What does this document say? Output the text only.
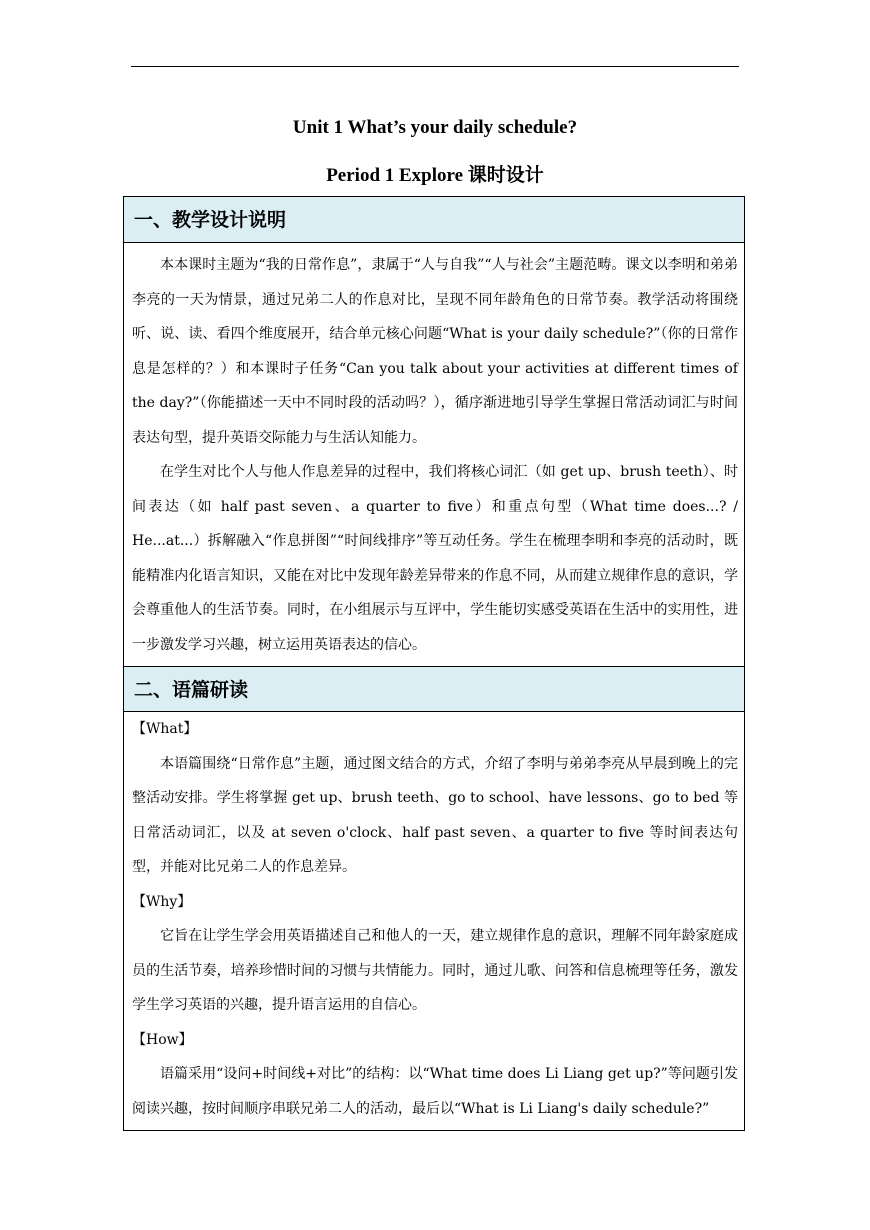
Unit 1 What’s your daily schedule?
Period 1 Explore 课时设计
一、教学设计说明

本本课时主题为“我的日常作息”，隶属于“人与自我”“人与社会”主题范畴。课文以李明和弟弟李亮的一天为情景，通过兄弟二人的作息对比，呈现不同年龄角色的日常节奏。教学活动将围绕听、说、读、看四个维度展开，结合单元核心问题“What is your daily schedule?”（你的日常作息是怎样的？）和本课时子任务“Can you talk about your activities at different times of the day?”（你能描述一天中不同时段的活动吗？），循序渐进地引导学生掌握日常活动词汇与时间表达句型，提升英语交际能力与生活认知能力。

在学生对比个人与他人作息差异的过程中，我们将核心词汇（如 get up、brush teeth）、时间表达（如 half past seven、a quarter to five）和重点句型（What time does...? / He...at...）拆解融入“作息拼图”“时间线排序”等互动任务。学生在梳理李明和李亮的活动时，既能精准内化语言知识，又能在对比中发现年龄差异带来的作息不同，从而建立规律作息的意识，学会尊重他人的生活节奏。同时，在小组展示与互评中，学生能切实感受英语在生活中的实用性，进一步激发学习兴趣，树立运用英语表达的信心。

二、语篇研读

【What】

本语篇围绕“日常作息”主题，通过图文结合的方式，介绍了李明与弟弟李亮从早晨到晚上的完整活动安排。学生将掌握 get up、brush teeth、go to school、have lessons、go to bed 等日常活动词汇，以及 at seven o'clock、half past seven、a quarter to five 等时间表达句型，并能对比兄弟二人的作息差异。

【Why】

它旨在让学生学会用英语描述自己和他人的一天，建立规律作息的意识，理解不同年龄家庭成员的生活节奏，培养珍惜时间的习惯与共情能力。同时，通过儿歌、问答和信息梳理等任务，激发学生学习英语的兴趣，提升语言运用的自信心。

【How】

语篇采用“设问+时间线+对比”的结构：以“What time does Li Liang get up?”等问题引发阅读兴趣，按时间顺序串联兄弟二人的活动，最后以“What is Li Liang's daily schedule?”
